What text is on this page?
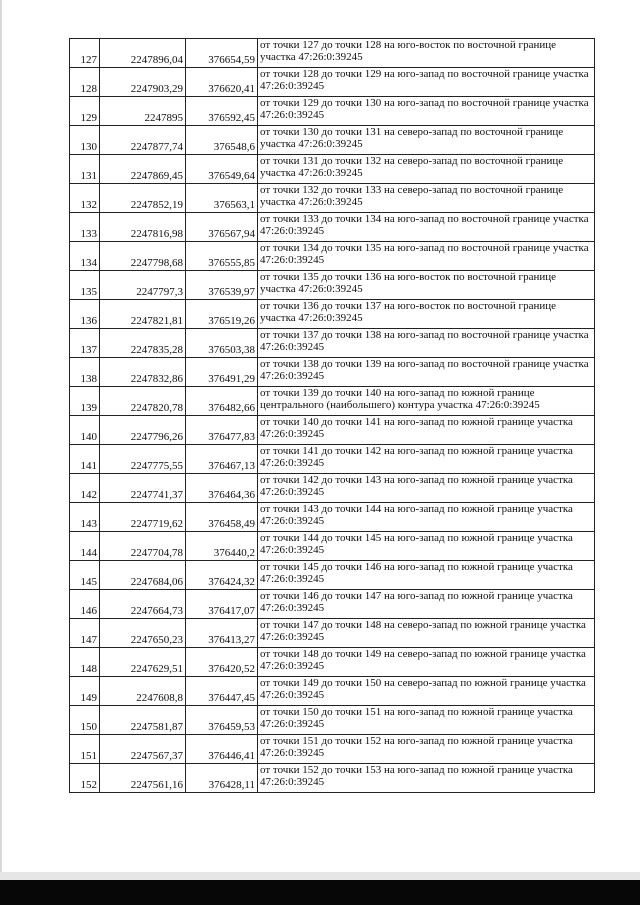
127	2247896,04	376654,59	от точки 127 до точки 128 на юго-восток по восточной границе участка 47:26:0:39245
128	2247903,29	376620,41	от точки 128 до точки 129 на юго-запад по восточной границе участка 47:26:0:39245
129	2247895	376592,45	от точки 129 до точки 130 на юго-запад по восточной границе участка 47:26:0:39245
130	2247877,74	376548,6	от точки 130 до точки 131 на северо-запад по восточной границе участка 47:26:0:39245
131	2247869,45	376549,64	от точки 131 до точки 132 на северо-запад по восточной границе участка 47:26:0:39245
132	2247852,19	376563,1	от точки 132 до точки 133 на северо-запад по восточной границе участка 47:26:0:39245
133	2247816,98	376567,94	от точки 133 до точки 134 на юго-запад по восточной границе участка 47:26:0:39245
134	2247798,68	376555,85	от точки 134 до точки 135 на юго-запад по восточной границе участка 47:26:0:39245
135	2247797,3	376539,97	от точки 135 до точки 136 на юго-восток по восточной границе участка 47:26:0:39245
136	2247821,81	376519,26	от точки 136 до точки 137 на юго-восток по восточной границе участка 47:26:0:39245
137	2247835,28	376503,38	от точки 137 до точки 138 на юго-запад по восточной границе участка 47:26:0:39245
138	2247832,86	376491,29	от точки 138 до точки 139 на юго-запад по восточной границе участка 47:26:0:39245
139	2247820,78	376482,66	от точки 139 до точки 140 на юго-запад по южной границе центрального (наибольшего) контура участка 47:26:0:39245
140	2247796,26	376477,83	от точки 140 до точки 141 на юго-запад по южной границе участка 47:26:0:39245
141	2247775,55	376467,13	от точки 141 до точки 142 на юго-запад по южной границе участка 47:26:0:39245
142	2247741,37	376464,36	от точки 142 до точки 143 на юго-запад по южной границе участка 47:26:0:39245
143	2247719,62	376458,49	от точки 143 до точки 144 на юго-запад по южной границе участка 47:26:0:39245
144	2247704,78	376440,2	от точки 144 до точки 145 на юго-запад по южной границе участка 47:26:0:39245
145	2247684,06	376424,32	от точки 145 до точки 146 на юго-запад по южной границе участка 47:26:0:39245
146	2247664,73	376417,07	от точки 146 до точки 147 на юго-запад по южной границе участка 47:26:0:39245
147	2247650,23	376413,27	от точки 147 до точки 148 на северо-запад по южной границе участка 47:26:0:39245
148	2247629,51	376420,52	от точки 148 до точки 149 на северо-запад по южной границе участка 47:26:0:39245
149	2247608,8	376447,45	от точки 149 до точки 150 на северо-запад по южной границе участка 47:26:0:39245
150	2247581,87	376459,53	от точки 150 до точки 151 на юго-запад по южной границе участка 47:26:0:39245
151	2247567,37	376446,41	от точки 151 до точки 152 на юго-запад по южной границе участка 47:26:0:39245
152	2247561,16	376428,11	от точки 152 до точки 153 на юго-запад по южной границе участка 47:26:0:39245
